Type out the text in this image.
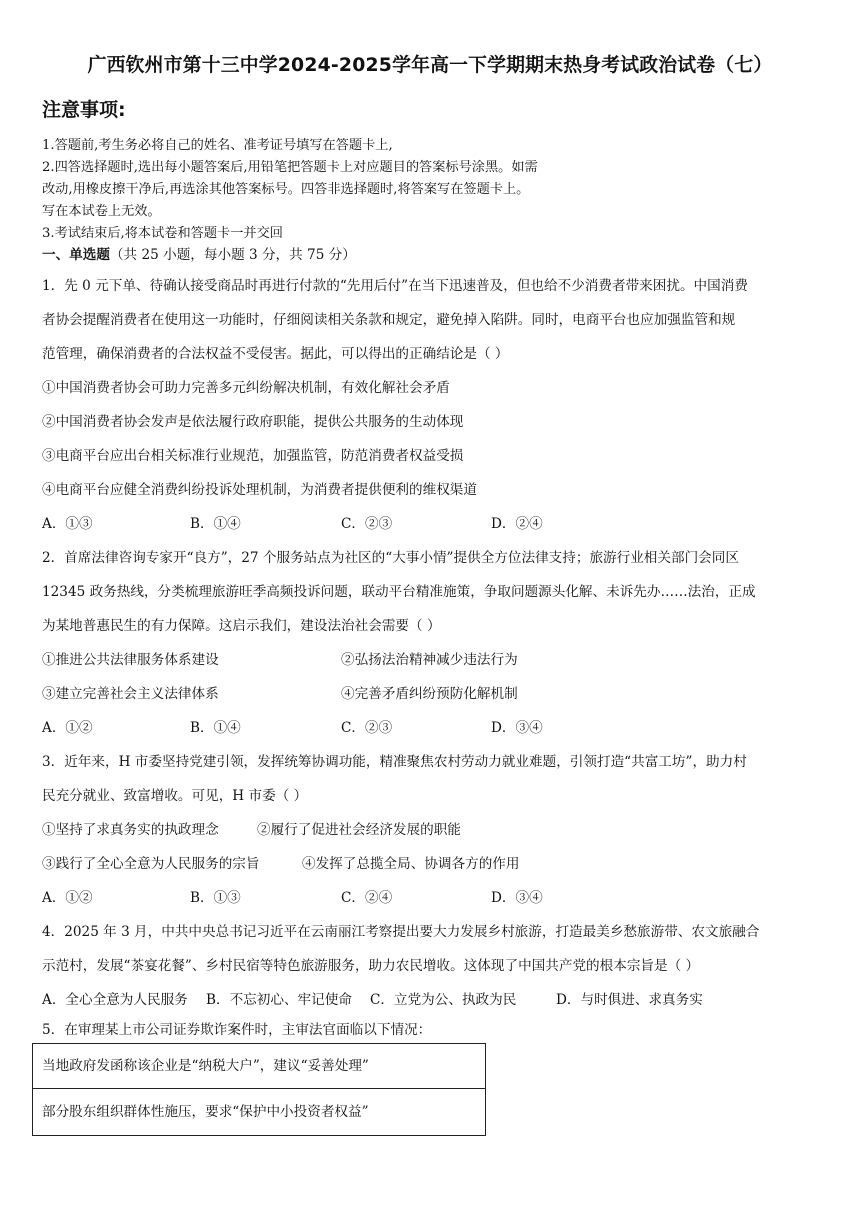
广西钦州市第十三中学2024-2025学年高一下学期期末热身考试政治试卷（七）
注意事项:
1.答题前,考生务必将自己的姓名、准考证号填写在答题卡上,
2.四答选择题时,选出每小题答案后,用铅笔把答题卡上对应题目的答案标号涂黑。如需
改动,用橡皮擦干净后,再选涂其他答案标号。四答非选择题时,将答案写在签题卡上。
写在本试卷上无效。
3.考试结束后,将本试卷和答题卡一并交回
一、单选题（共 25 小题，每小题 3 分，共 75 分）
1．先 0 元下单、待确认接受商品时再进行付款的“先用后付”在当下迅速普及，但也给不少消费者带来困扰。中国消费
者协会提醒消费者在使用这一功能时，仔细阅读相关条款和规定，避免掉入陷阱。同时，电商平台也应加强监管和规
范管理，确保消费者的合法权益不受侵害。据此，可以得出的正确结论是（ ）
①中国消费者协会可助力完善多元纠纷解决机制，有效化解社会矛盾
②中国消费者协会发声是依法履行政府职能，提供公共服务的生动体现
③电商平台应出台相关标准行业规范，加强监管，防范消费者权益受损
④电商平台应健全消费纠纷投诉处理机制，为消费者提供便利的维权渠道
A．①③	B．①④	C．②③	D．②④
2．首席法律咨询专家开“良方”，27 个服务站点为社区的“大事小情”提供全方位法律支持；旅游行业相关部门会同区
12345 政务热线，分类梳理旅游旺季高频投诉问题，联动平台精准施策，争取问题源头化解、未诉先办……法治，正成
为某地普惠民生的有力保障。这启示我们，建设法治社会需要（ ）
①推进公共法律服务体系建设	②弘扬法治精神减少违法行为
③建立完善社会主义法律体系	④完善矛盾纠纷预防化解机制
A．①②	B．①④	C．②③	D．③④
3．近年来，H 市委坚持党建引领，发挥统筹协调功能，精准聚焦农村劳动力就业难题，引领打造“共富工坊”，助力村
民充分就业、致富增收。可见，H 市委（ ）
①坚持了求真务实的执政理念	②履行了促进社会经济发展的职能
③践行了全心全意为人民服务的宗旨	④发挥了总揽全局、协调各方的作用
A．①②	B．①③	C．②④	D．③④
4．2025 年 3 月，中共中央总书记习近平在云南丽江考察提出要大力发展乡村旅游，打造最美乡愁旅游带、农文旅融合
示范村，发展“茶宴花餐”、乡村民宿等特色旅游服务，助力农民增收。这体现了中国共产党的根本宗旨是（ ）
A．全心全意为人民服务 B．不忘初心、牢记使命 C．立党为公、执政为民	D．与时俱进、求真务实
5．在审理某上市公司证券欺诈案件时，主审法官面临以下情况：
当地政府发函称该企业是“纳税大户”，建议“妥善处理”
部分股东组织群体性施压，要求“保护中小投资者权益”
